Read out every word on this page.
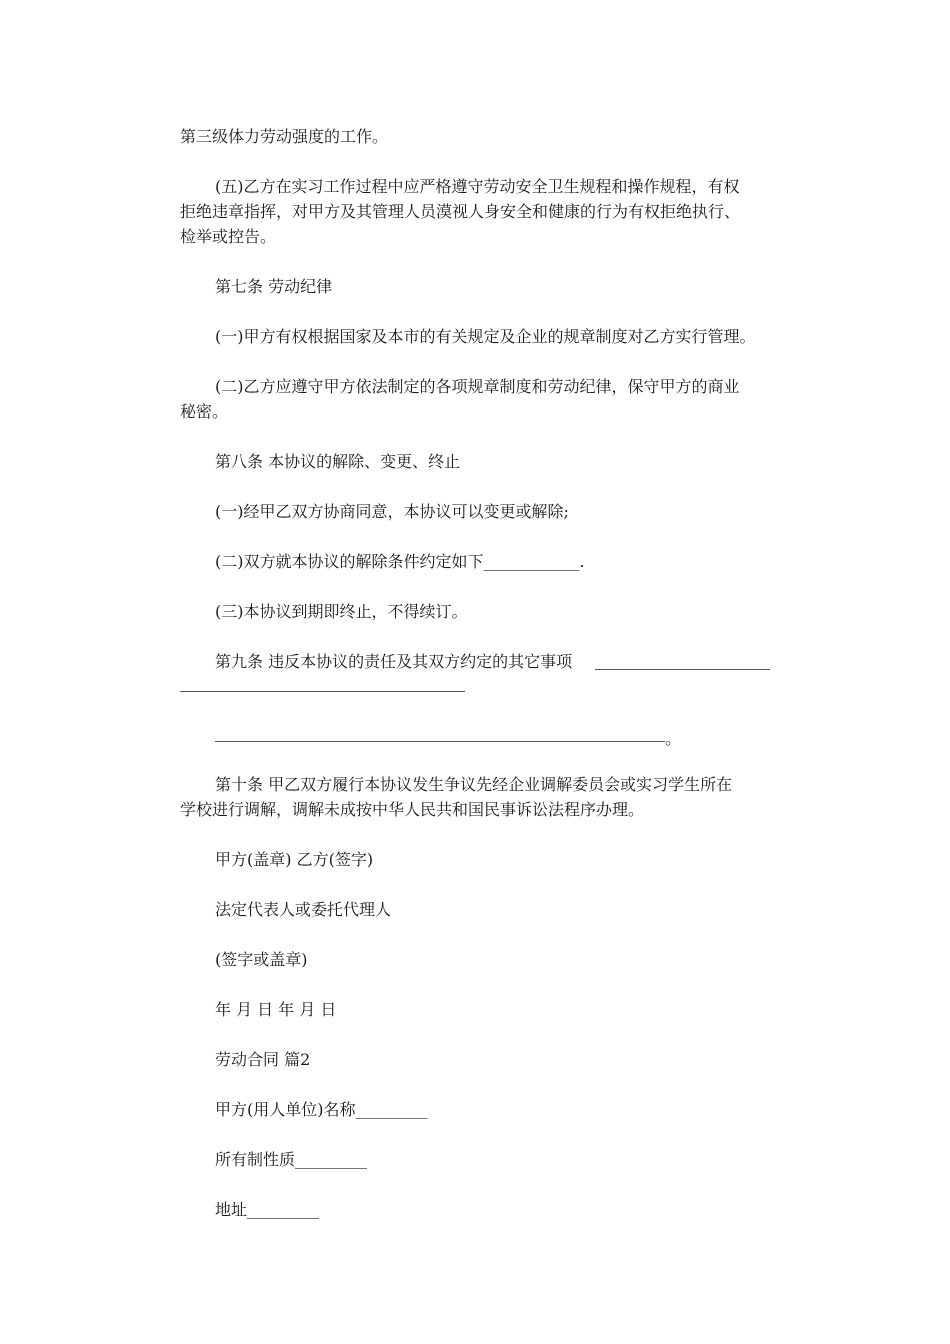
第三级体力劳动强度的工作。
(五)乙方在实习工作过程中应严格遵守劳动安全卫生规程和操作规程，有权
拒绝违章指挥，对甲方及其管理人员漠视人身安全和健康的行为有权拒绝执行、
检举或控告。
第七条 劳动纪律
(一)甲方有权根据国家及本市的有关规定及企业的规章制度对乙方实行管理。
(二)乙方应遵守甲方依法制定的各项规章制度和劳动纪律，保守甲方的商业
秘密。
第八条 本协议的解除、变更、终止
(一)经甲乙双方协商同意，本协议可以变更或解除;
(二)双方就本协议的解除条件约定如下____________.
(三)本协议到期即终止，不得续订。
第九条 违反本协议的责任及其双方约定的其它事项
。
第十条 甲乙双方履行本协议发生争议先经企业调解委员会或实习学生所在
学校进行调解，调解未成按中华人民共和国民事诉讼法程序办理。
甲方(盖章) 乙方(签字)
法定代表人或委托代理人
(签字或盖章)
年 月 日 年 月 日
劳动合同 篇2
甲方(用人单位)名称_________
所有制性质_________
地址_________
